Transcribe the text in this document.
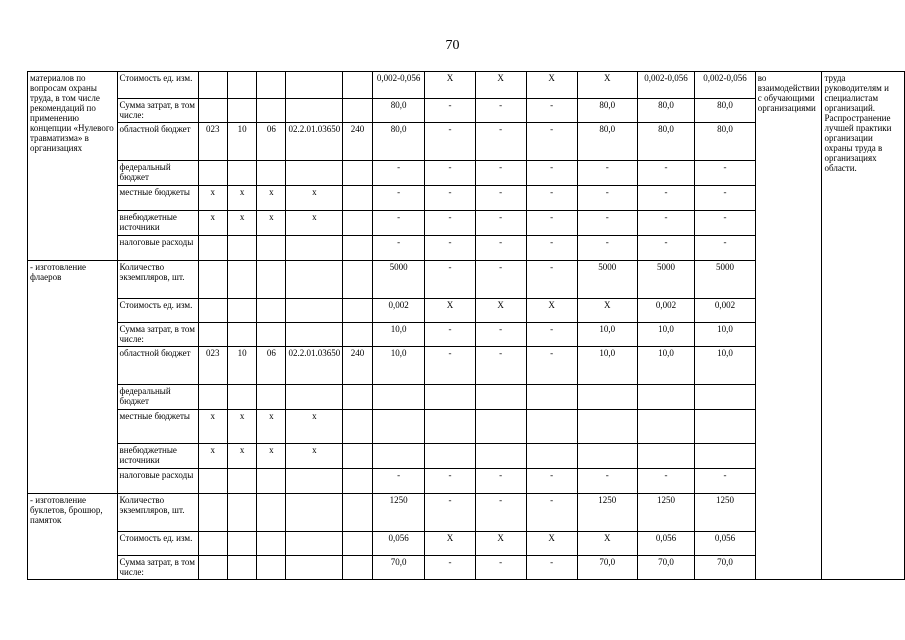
70
материалов по вопросам охраны труда, в том числе рекомендаций по применению концепции «Нулевого травматизма» в организациях	Стоимость ед. изм.						0,002-0,056	Х	Х	Х	Х	0,002-0,056	0,002-0,056	во взаимодействии с обучающими организациями	труда руководителям и специалистам организаций. Распространение лучшей практики организации охраны труда в организациях области.
	Сумма затрат, в том числе:						80,0	-	-	-	80,0	80,0	80,0		
	областной бюджет	023	10	06	02.2.01.03650	240	80,0	-	-	-	80,0	80,0	80,0		
	федеральный бюджет						-	-	-	-	-	-	-		
	местные бюджеты	х	х	х	х		-	-	-	-	-	-	-		
	внебюджетные источники	х	х	х	х		-	-	-	-	-	-	-		
	налоговые расходы						-	-	-	-	-	-	-		
- изготовление флаеров	Количество экземпляров, шт.						5000	-	-	-	5000	5000	5000		
	Стоимость ед. изм.						0,002	Х	Х	Х	Х	0,002	0,002		
	Сумма затрат, в том числе:						10,0	-	-	-	10,0	10,0	10,0		
	областной бюджет	023	10	06	02.2.01.03650	240	10,0	-	-	-	10,0	10,0	10,0		
	федеральный бюджет														
	местные бюджеты	х	х	х	х										
	внебюджетные источники	х	х	х	х										
	налоговые расходы						-	-	-	-	-	-	-		
- изготовление буклетов, брошюр, памяток	Количество экземпляров, шт.						1250	-	-	-	1250	1250	1250		
	Стоимость ед. изм.						0,056	Х	Х	Х	Х	0,056	0,056		
	Сумма затрат, в том числе:						70,0	-	-	-	70,0	70,0	70,0		
